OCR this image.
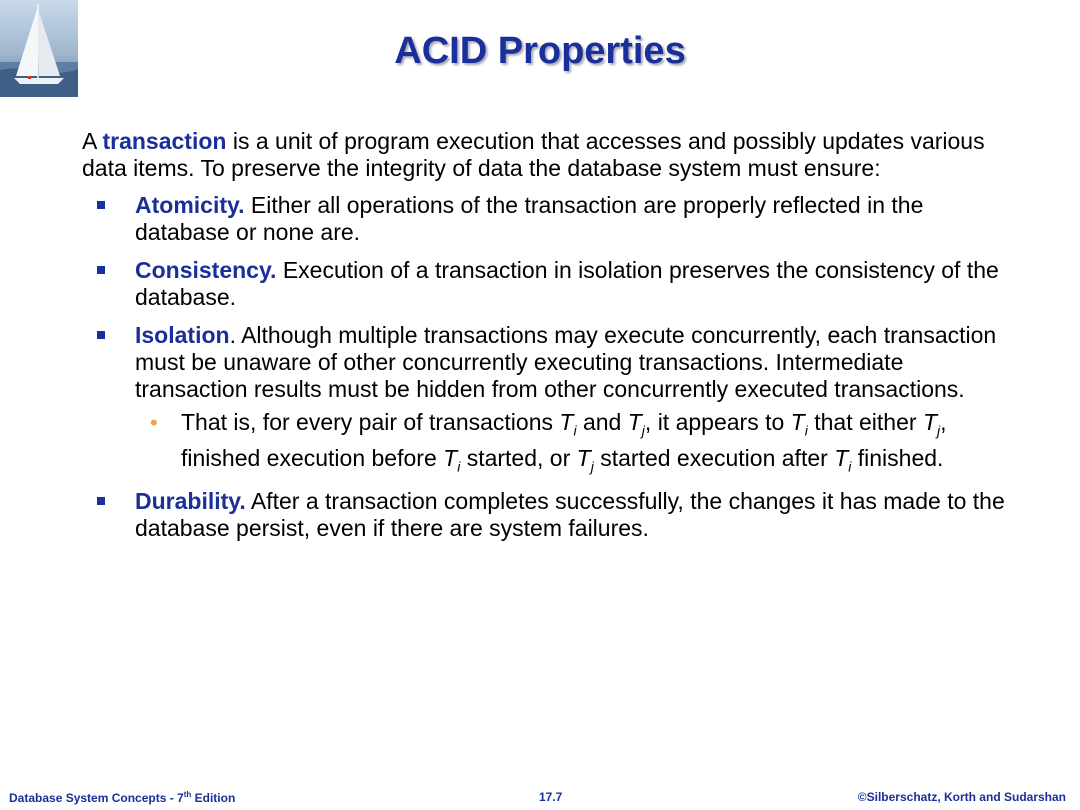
ACID Properties

A transaction is a unit of program execution that accesses and possibly updates various data items. To preserve the integrity of data the database system must ensure:

Atomicity. Either all operations of the transaction are properly reflected in the database or none are.
Consistency. Execution of a transaction in isolation preserves the consistency of the database.
Isolation. Although multiple transactions may execute concurrently, each transaction must be unaware of other concurrently executing transactions. Intermediate transaction results must be hidden from other concurrently executed transactions.
• That is, for every pair of transactions $T_i$ and $T_j$, it appears to $T_i$ that either $T_j$, finished execution before $T_i$ started, or $T_j$ started execution after $T_i$ finished.
Durability. After a transaction completes successfully, the changes it has made to the database persist, even if there are system failures.
Database System Concepts - 7th Edition	17.7	©Silberschatz, Korth and Sudarshan
